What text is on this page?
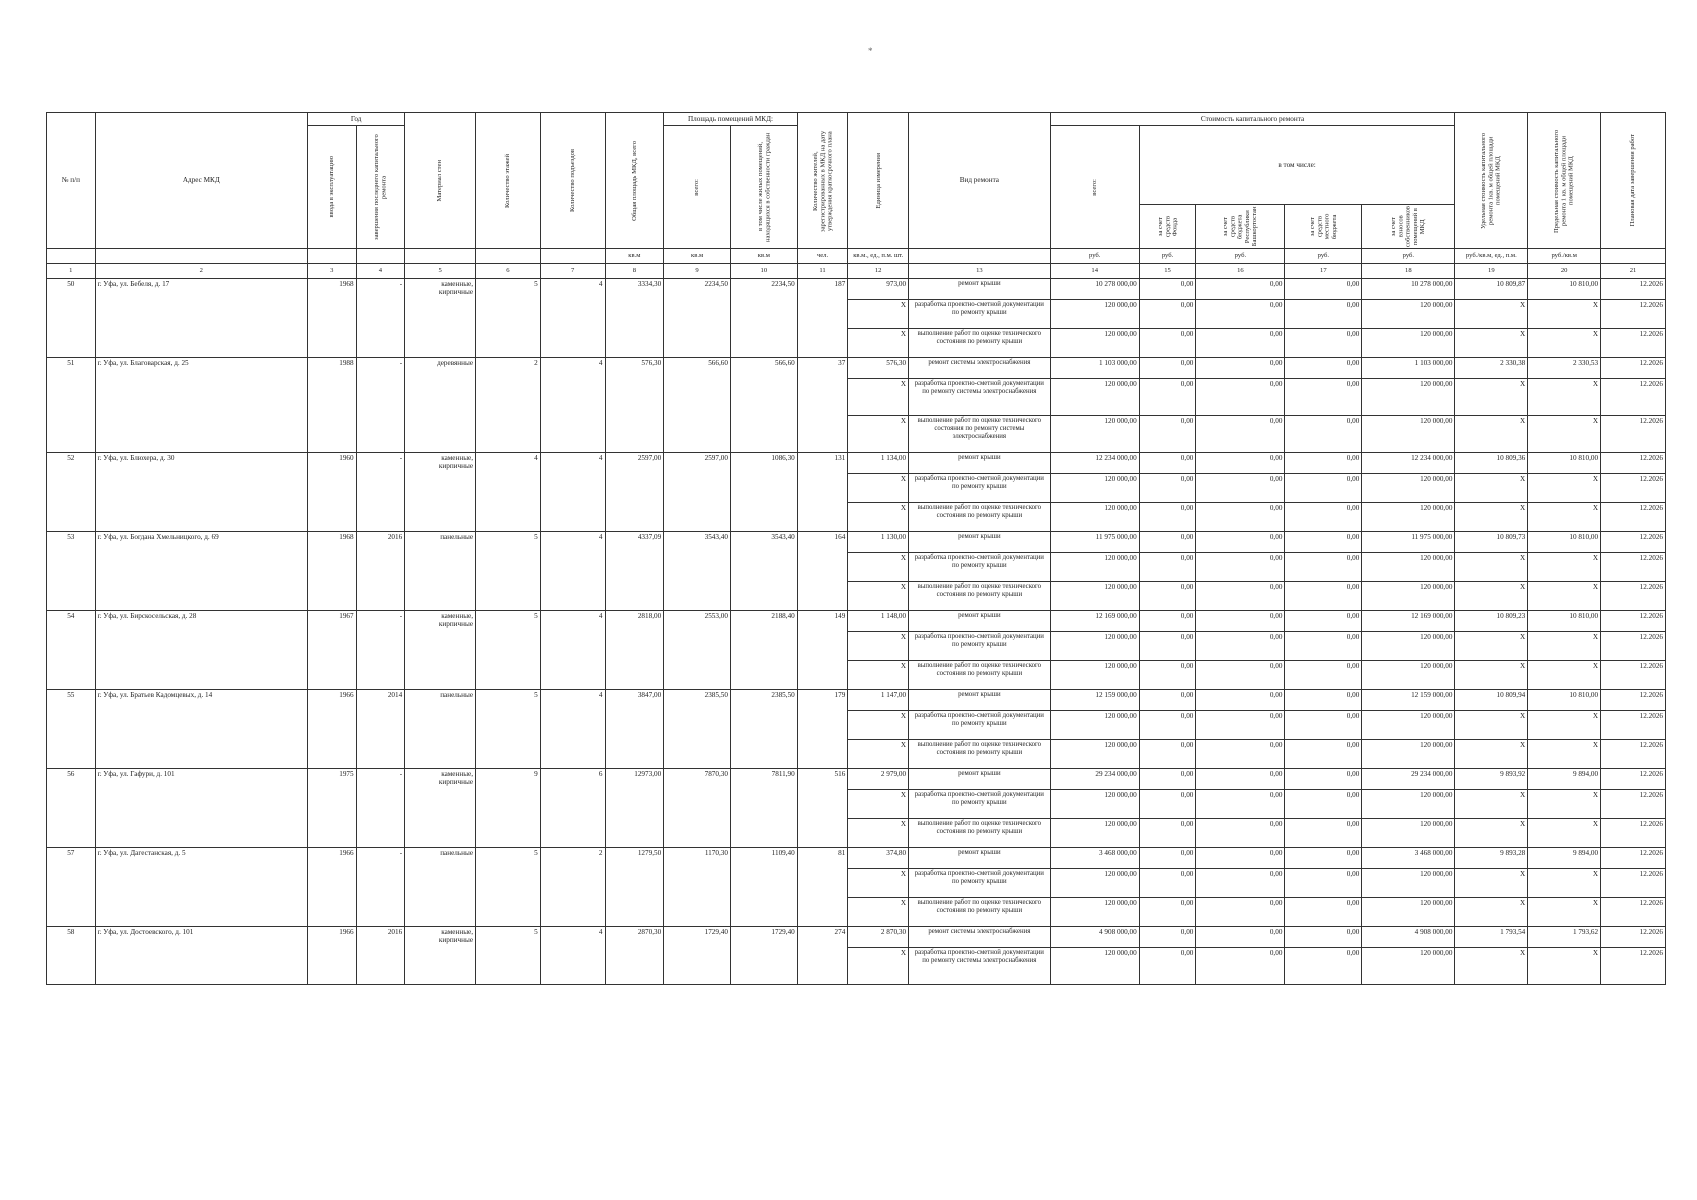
*
№ п/п	Адрес МКД	Год		Материал стен	Количество этажей	Количество подъездов	Общая площадь МКД, всего	Площадь помещений МКД:		Количество жителей, зарегистрированных в МКД на дату утверждения краткосрочного плана	Единица измерения	Вид ремонта	Стоимость капитального ремонта					Удельная стоимость капитального ремонта 1кв. м общей площади помещений МКД	Предельная стоимость капитального ремонта 1 кв. м общей площади помещений МКД	Плановая дата завершения работ

		ввода в эксплуатацию	завершения последнего капитального ремонта					всего:	в том числе жилых помещений, находящихся в собственности граждан				всего:	в том числе:						

														за счет средств Фонда	за счет средств бюджета Республики Башкортостан	за счет средств местного бюджета	за счет взносов собственников помещений в МКД			

							кв.м	кв.м	кв.м	чел.	кв.м., ед., п.м. шт.		руб.	руб.	руб.	руб.	руб.	руб./кв.м, ед., п.м.	руб./кв.м	
1	2	3	4	5	6	7	8	9	10	11	12	13	14	15	16	17	18	19	20	21
50	г. Уфа, ул. Бебеля, д. 17	1968	-	каменные, кирпичные	5	4	3334,30	2234,50	2234,50	187	973,00	ремонт крыши	10 278 000,00	0,00	0,00	0,00	10 278 000,00	10 809,87	10 810,00	12.2026
											X	разработка проектно-сметной документации по ремонту крыши	120 000,00	0,00	0,00	0,00	120 000,00	X	X	12.2026
											X	выполнение работ по оценке технического состояния по ремонту крыши	120 000,00	0,00	0,00	0,00	120 000,00	X	X	12.2026
51	г. Уфа, ул. Благоварская, д. 25	1988	-	деревянные	2	4	576,30	566,60	566,60	37	576,30	ремонт системы электроснабжения	1 103 000,00	0,00	0,00	0,00	1 103 000,00	2 330,38	2 330,53	12.2026
											X	разработка проектно-сметной документации по ремонту системы электроснабжения	120 000,00	0,00	0,00	0,00	120 000,00	X	X	12.2026
											X	выполнение работ по оценке технического состояния по ремонту системы электроснабжения	120 000,00	0,00	0,00	0,00	120 000,00	X	X	12.2026
52	г. Уфа, ул. Блюхера, д. 30	1960	-	каменные, кирпичные	4	4	2597,00	2597,00	1086,30	131	1 134,00	ремонт крыши	12 234 000,00	0,00	0,00	0,00	12 234 000,00	10 809,36	10 810,00	12.2026
											X	разработка проектно-сметной документации по ремонту крыши	120 000,00	0,00	0,00	0,00	120 000,00	X	X	12.2026
											X	выполнение работ по оценке технического состояния по ремонту крыши	120 000,00	0,00	0,00	0,00	120 000,00	X	X	12.2026
53	г. Уфа, ул. Богдана Хмельницкого, д. 69	1968	2016	панельные	5	4	4337,09	3543,40	3543,40	164	1 130,00	ремонт крыши	11 975 000,00	0,00	0,00	0,00	11 975 000,00	10 809,73	10 810,00	12.2026
											X	разработка проектно-сметной документации по ремонту крыши	120 000,00	0,00	0,00	0,00	120 000,00	X	X	12.2026
											X	выполнение работ по оценке технического состояния по ремонту крыши	120 000,00	0,00	0,00	0,00	120 000,00	X	X	12.2026
54	г. Уфа, ул. Бирскосельская, д. 28	1967	-	каменные, кирпичные	5	4	2818,00	2553,00	2188,40	149	1 148,00	ремонт крыши	12 169 000,00	0,00	0,00	0,00	12 169 000,00	10 809,23	10 810,00	12.2026
											X	разработка проектно-сметной документации по ремонту крыши	120 000,00	0,00	0,00	0,00	120 000,00	X	X	12.2026
											X	выполнение работ по оценке технического состояния по ремонту крыши	120 000,00	0,00	0,00	0,00	120 000,00	X	X	12.2026
55	г. Уфа, ул. Братьев Кадомцевых, д. 14	1966	2014	панельные	5	4	3847,00	2385,50	2385,50	179	1 147,00	ремонт крыши	12 159 000,00	0,00	0,00	0,00	12 159 000,00	10 809,94	10 810,00	12.2026
											X	разработка проектно-сметной документации по ремонту крыши	120 000,00	0,00	0,00	0,00	120 000,00	X	X	12.2026
											X	выполнение работ по оценке технического состояния по ремонту крыши	120 000,00	0,00	0,00	0,00	120 000,00	X	X	12.2026
56	г. Уфа, ул. Гафури, д. 101	1975	-	каменные, кирпичные	9	6	12973,00	7870,30	7811,90	516	2 979,00	ремонт крыши	29 234 000,00	0,00	0,00	0,00	29 234 000,00	9 893,92	9 894,00	12.2026
											X	разработка проектно-сметной документации по ремонту крыши	120 000,00	0,00	0,00	0,00	120 000,00	X	X	12.2026
											X	выполнение работ по оценке технического состояния по ремонту крыши	120 000,00	0,00	0,00	0,00	120 000,00	X	X	12.2026
57	г. Уфа, ул. Дагестанская, д. 5	1966	-	панельные	5	2	1279,50	1170,30	1109,40	81	374,80	ремонт крыши	3 468 000,00	0,00	0,00	0,00	3 468 000,00	9 893,28	9 894,00	12.2026
											X	разработка проектно-сметной документации по ремонту крыши	120 000,00	0,00	0,00	0,00	120 000,00	X	X	12.2026
											X	выполнение работ по оценке технического состояния по ремонту крыши	120 000,00	0,00	0,00	0,00	120 000,00	X	X	12.2026
58	г. Уфа, ул. Достоевского, д. 101	1966	2016	каменные, кирпичные	5	4	2870,30	1729,40	1729,40	274	2 870,30	ремонт системы электроснабжения	4 908 000,00	0,00	0,00	0,00	4 908 000,00	1 793,54	1 793,62	12.2026
											X	разработка проектно-сметной документации по ремонту системы электроснабжения	120 000,00	0,00	0,00	0,00	120 000,00	X	X	12.2026
